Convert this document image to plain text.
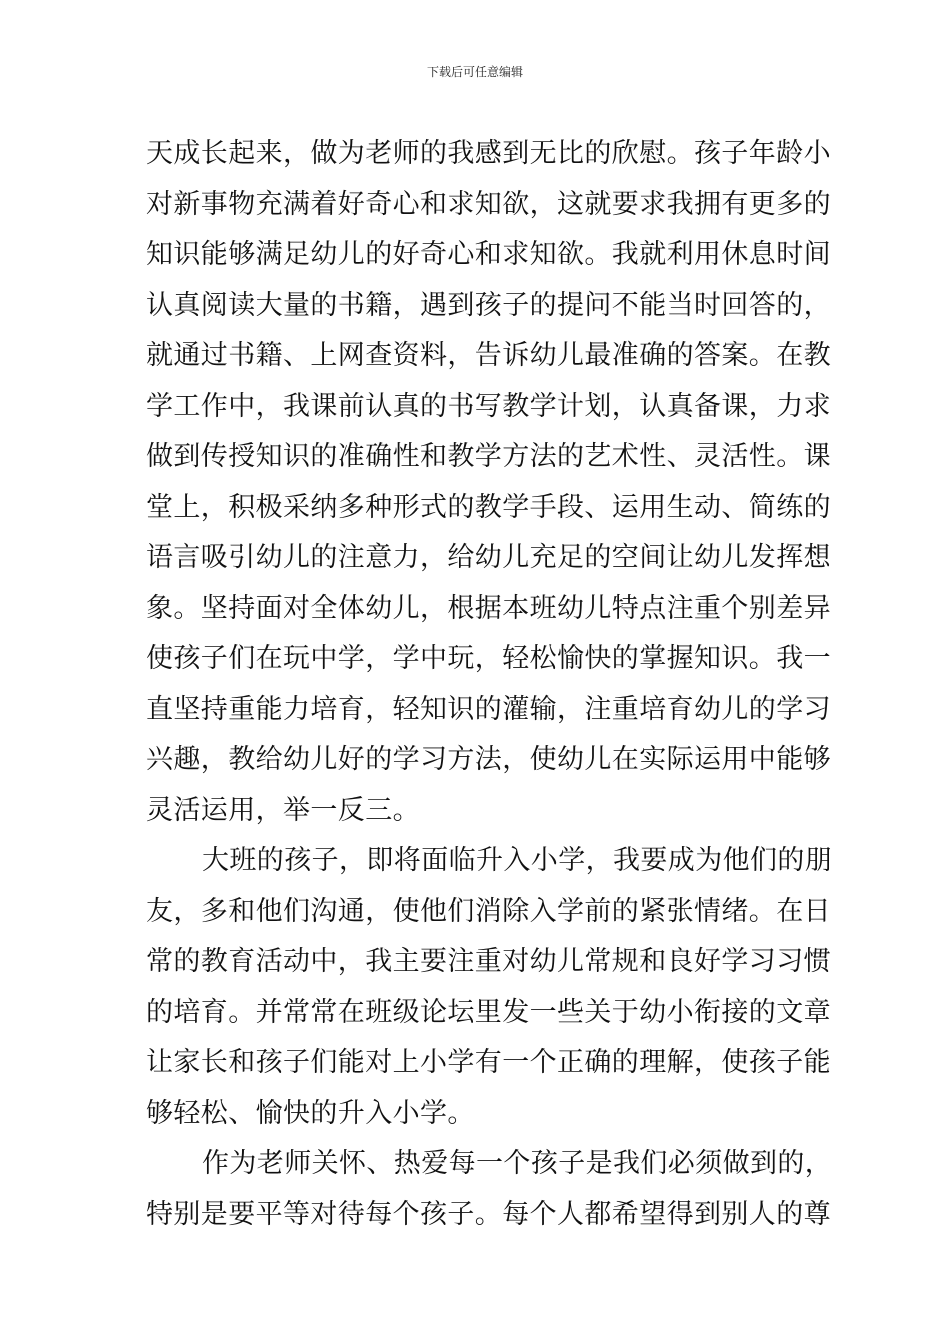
下载后可任意编辑
天成长起来，做为老师的我感到无比的欣慰。孩子年龄小
对新事物充满着好奇心和求知欲，这就要求我拥有更多的
知识能够满足幼儿的好奇心和求知欲。我就利用休息时间
认真阅读大量的书籍，遇到孩子的提问不能当时回答的，
就通过书籍、上网查资料，告诉幼儿最准确的答案。在教
学工作中，我课前认真的书写教学计划，认真备课，力求
做到传授知识的准确性和教学方法的艺术性、灵活性。课
堂上，积极采纳多种形式的教学手段、运用生动、简练的
语言吸引幼儿的注意力，给幼儿充足的空间让幼儿发挥想
象。坚持面对全体幼儿，根据本班幼儿特点注重个别差异
使孩子们在玩中学，学中玩，轻松愉快的掌握知识。我一
直坚持重能力培育，轻知识的灌输，注重培育幼儿的学习
兴趣，教给幼儿好的学习方法，使幼儿在实际运用中能够
灵活运用，举一反三。
大班的孩子，即将面临升入小学，我要成为他们的朋
友，多和他们沟通，使他们消除入学前的紧张情绪。在日
常的教育活动中，我主要注重对幼儿常规和良好学习习惯
的培育。并常常在班级论坛里发一些关于幼小衔接的文章
让家长和孩子们能对上小学有一个正确的理解，使孩子能
够轻松、愉快的升入小学。
作为老师关怀、热爱每一个孩子是我们必须做到的，
特别是要平等对待每个孩子。每个人都希望得到别人的尊
